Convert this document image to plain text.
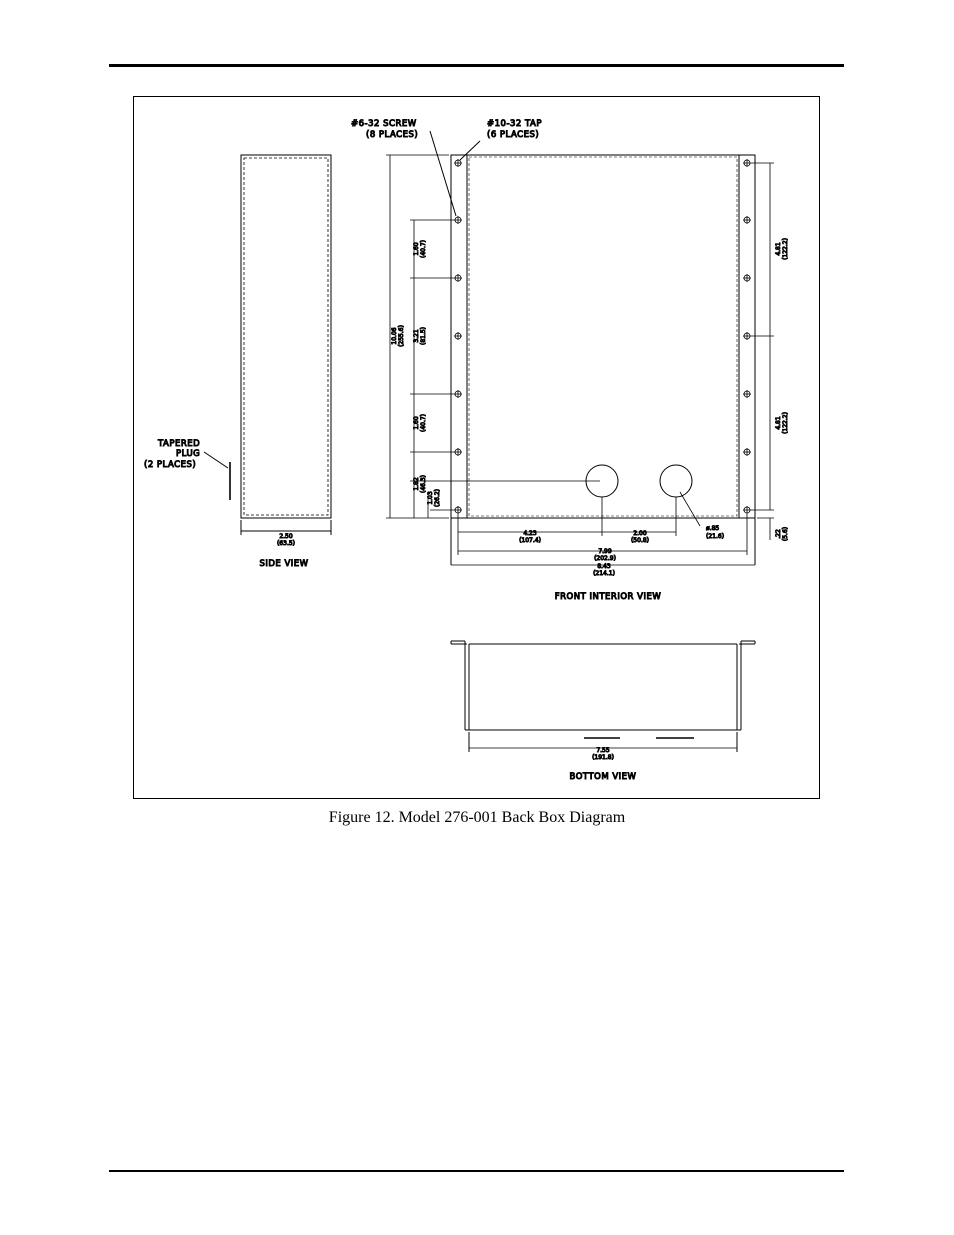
TAPERED
PLUG
(2 PLACES)
2.50
(63.5)
SIDE VIEW
10.06 (255.6)
1.60 (40.7)
3.21 (81.5)
1.60 (40.7)
1.82 (46.3)
1.03 (26.2)
4.81 (122.2)
4.81 (122.2)
.22 (5.6)
4.23
(107.4)
2.00
(50.8)
ø.85
(21.6)
7.99
(202.9)
8.43
(214.1)
FRONT INTERIOR VIEW
#6-32 SCREW
(8 PLACES)
#10-32 TAP
(6 PLACES)
7.55
(191.8)
BOTTOM VIEW
Figure 12. Model 276-001 Back Box Diagram
